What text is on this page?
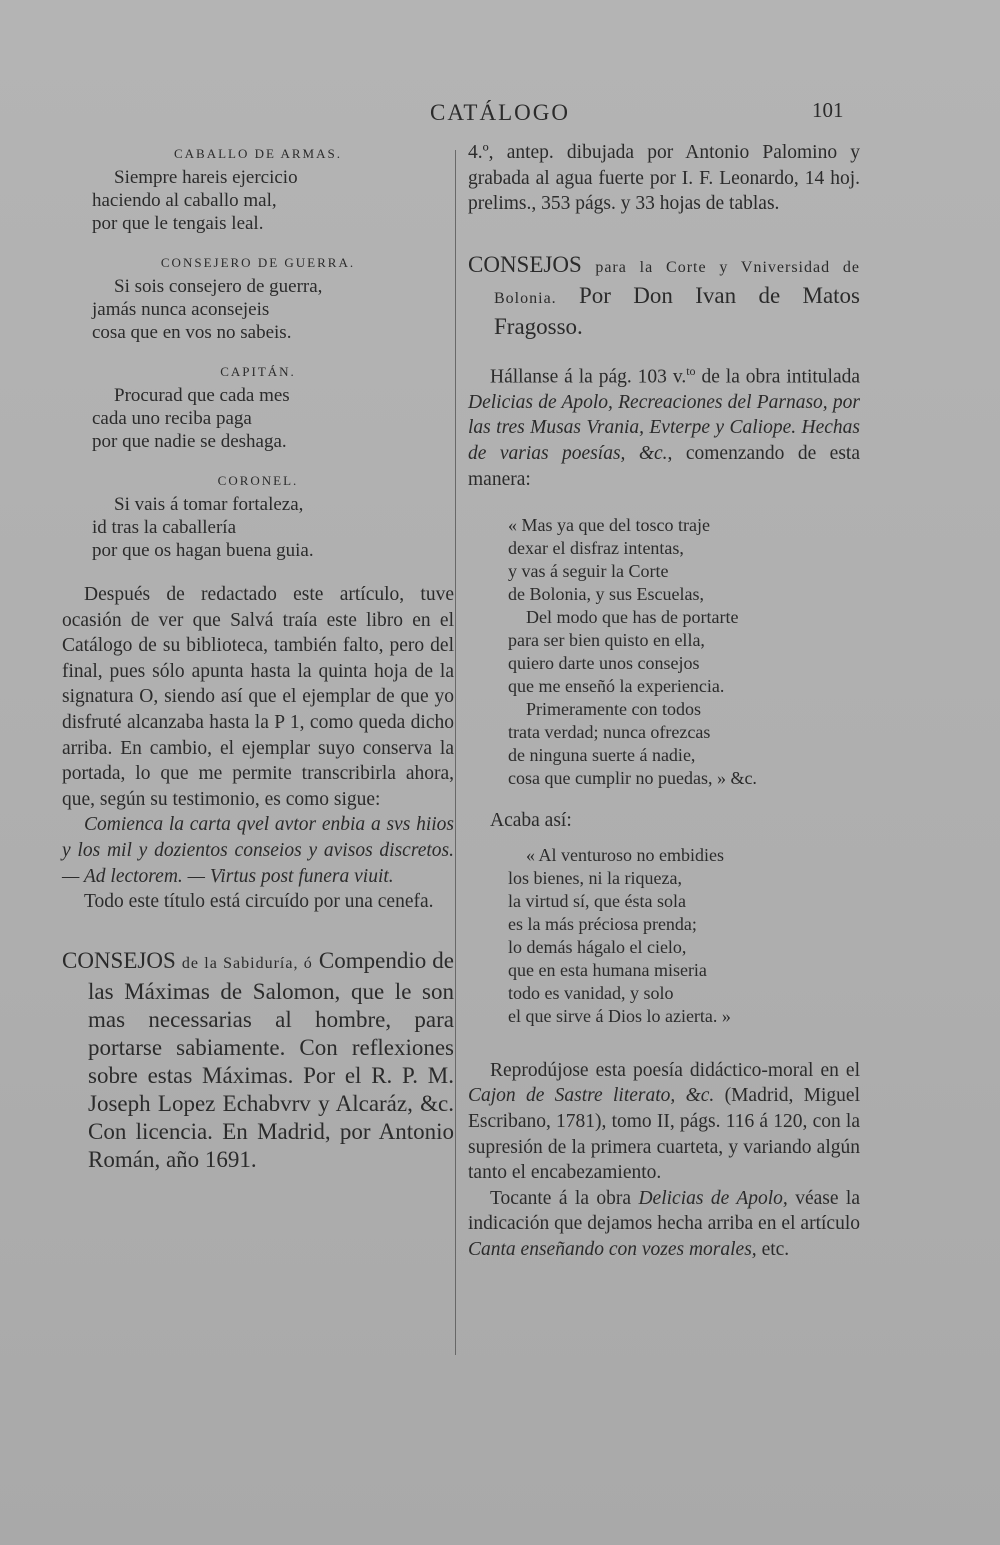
CATÁLOGO	101
CABALLO DE ARMAS.
Siempre hareis ejercicio
haciendo al caballo mal,
por que le tengais leal.
CONSEJERO DE GUERRA.
Si sois consejero de guerra,
jamás nunca aconsejeis
cosa que en vos no sabeis.
CAPITÁN.
Procurad que cada mes
cada uno reciba paga
por que nadie se deshaga.
CORONEL.
Si vais á tomar fortaleza,
id tras la caballería
por que os hagan buena guia.

Después de redactado este artículo, tuve ocasión de ver que Salvá traía este libro en el Catálogo de su biblioteca, también falto, pero del final, pues sólo apunta hasta la quinta hoja de la signatura O, siendo así que el ejemplar de que yo disfruté alcanzaba hasta la P 1, como queda dicho arriba. En cambio, el ejemplar suyo conserva la portada, lo que me permite transcribirla ahora, que, según su testimonio, es como sigue:

Comienca la carta qvel avtor enbia a svs hiios y los mil y dozientos conseios y avisos discretos. — Ad lectorem. — Virtus post funera viuit.

Todo este título está circuído por una cenefa.

CONSEJOS de la Sabiduría, ó Compendio de las Máximas de Salomon, que le son mas necessarias al hombre, para portarse sabiamente. Con reflexiones sobre estas Máximas. Por el R. P. M. Joseph Lopez Echabvrv y Alcaráz, &c. Con licencia. En Madrid, por Antonio Román, año 1691.

4.º, antep. dibujada por Antonio Palomino y grabada al agua fuerte por I. F. Leonardo, 14 hoj. prelims., 353 págs. y 33 hojas de tablas.

CONSEJOS para la Corte y Vniversidad de Bolonia. Por Don Ivan de Matos Fragosso.

Hállanse á la pág. 103 v.$^{to}$ de la obra intitulada Delicias de Apolo, Recreaciones del Parnaso, por las tres Musas Vrania, Evterpe y Caliope. Hechas de varias poesías, &c., comenzando de esta manera:

« Mas ya que del tosco traje
dexar el disfraz intentas,
y vas á seguir la Corte
de Bolonia, y sus Escuelas,
Del modo que has de portarte
para ser bien quisto en ella,
quiero darte unos consejos
que me enseñó la experiencia.
Primeramente con todos
trata verdad; nunca ofrezcas
de ninguna suerte á nadie,
cosa que cumplir no puedas, » &c.

Acaba así:

« Al venturoso no embidies
los bienes, ni la riqueza,
la virtud sí, que ésta sola
es la más préciosa prenda;
lo demás hágalo el cielo,
que en esta humana miseria
todo es vanidad, y solo
el que sirve á Dios lo azierta. »

Reprodújose esta poesía didáctico-moral en el Cajon de Sastre literato, &c. (Madrid, Miguel Escribano, 1781), tomo II, págs. 116 á 120, con la supresión de la primera cuarteta, y variando algún tanto el encabezamiento.

Tocante á la obra Delicias de Apolo, véase la indicación que dejamos hecha arriba en el artículo Canta enseñando con vozes morales, etc.
